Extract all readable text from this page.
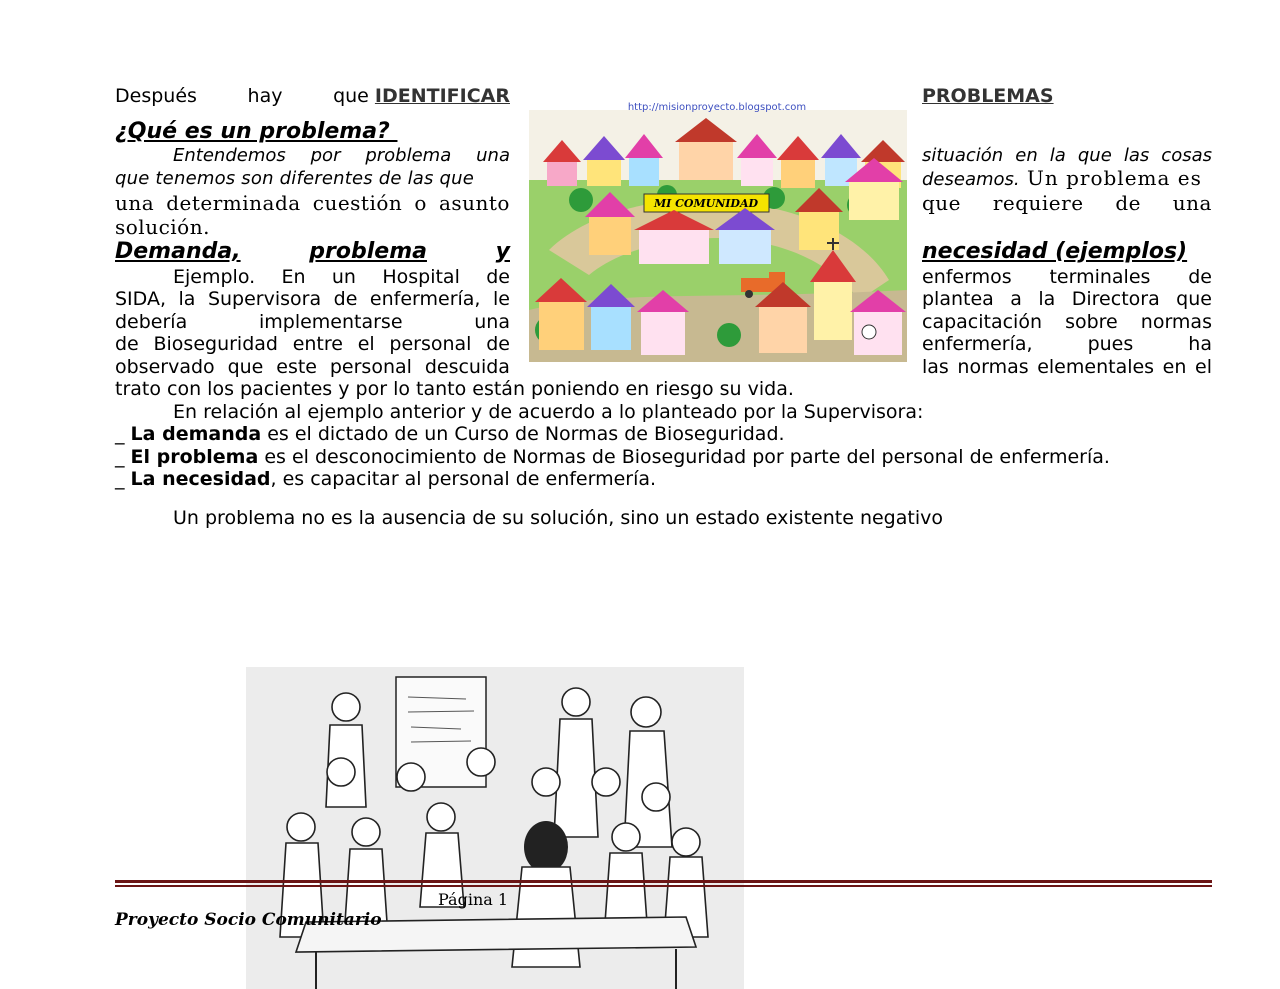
Después	hay	que IDENTIFICAR	PROBLEMAS
¿Qué es un problema?
Entendemos por problema una	situación en la que las cosas
que tenemos son diferentes de las que	deseamos. Un problema es
una determinada cuestión o asunto	que requiere de una
solución.
Demanda,	problema	y	necesidad (ejemplos)
Ejemplo. En un Hospital de	enfermos terminales de
SIDA, la Supervisora de enfermería, le	plantea a la Directora que
debería	implementarse	una	capacitación sobre normas
de Bioseguridad entre el personal de	enfermería,	pues	ha
observado que este personal descuida	las normas elementales en el
trato con los pacientes y por lo tanto están poniendo en riesgo su vida.
En relación al ejemplo anterior y de acuerdo a lo planteado por la Supervisora:
_ La demanda es el dictado de un Curso de Normas de Bioseguridad.
_ El problema es el desconocimiento de Normas de Bioseguridad por parte del personal de enfermería.
_ La necesidad, es capacitar al personal de enfermería.
Un problema no es la ausencia de su solución, sino un estado existente negativo
http://misionproyecto.blogspot.com
MI COMUNIDAD
Página 1
Proyecto Socio Comunitario
